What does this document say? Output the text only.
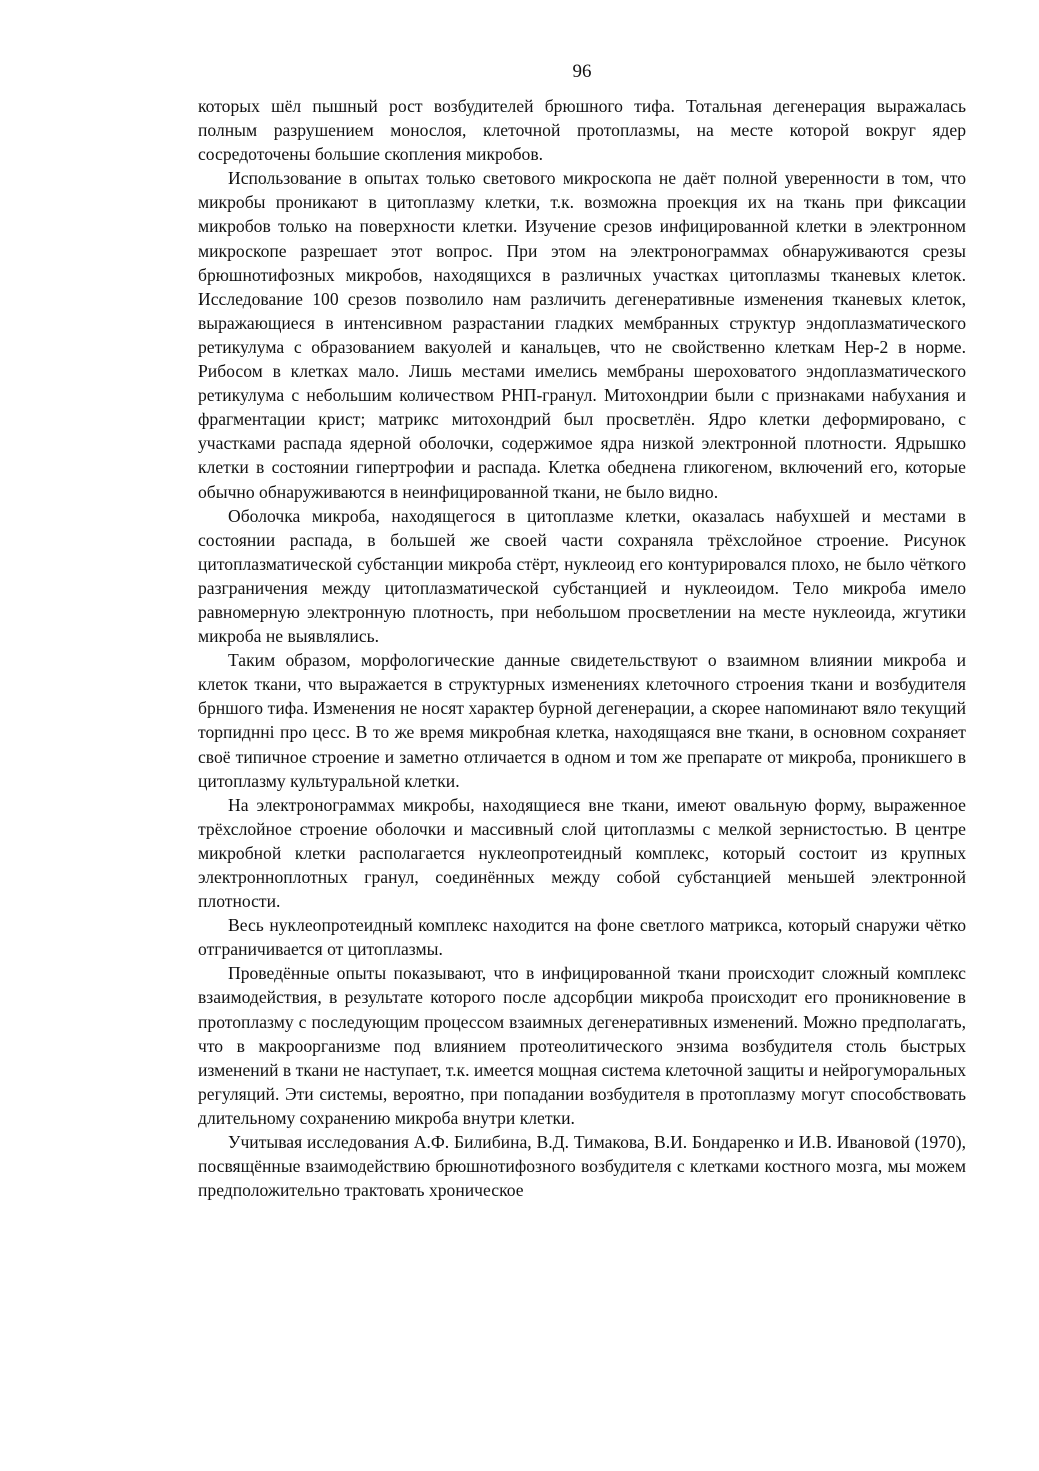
96

которых шёл пышный рост возбудителей брюшного тифа. Тотальная дегенерация выражалась полным разрушением монослоя, клеточной протоплазмы, на месте которой вокруг ядер сосредоточены большие скопления микробов.

Использование в опытах только светового микроскопа не даёт полной уверенности в том, что микробы проникают в цитоплазму клетки, т.к. возможна проекция их на ткань при фиксации микробов только на поверхности клетки. Изучение срезов инфицированной клетки в электронном микроскопе разрешает этот вопрос. При этом на электронограммах обнаруживаются срезы брюшнотифозных микробов, находящихся в различных участках цитоплазмы тканевых клеток. Исследование 100 срезов позволило нам различить дегенеративные изменения тканевых клеток, выражающиеся в интенсивном разрастании гладких мембранных структур эндоплазматического ретикулума с образованием вакуолей и канальцев, что не свойственно клеткам Hep-2 в норме. Рибосом в клетках мало. Лишь местами имелись мембраны шероховатого эндоплазматического ретикулума с небольшим количеством РНП-гранул. Митохондрии были с признаками набухания и фрагментации крист; матрикс митохондрий был просветлён. Ядро клетки деформировано, с участками распада ядерной оболочки, содержимое ядра низкой электронной плотности. Ядрышко клетки в состоянии гипертрофии и распада. Клетка обеднена гликогеном, включений его, которые обычно обнаруживаются в неинфицированной ткани, не было видно.

Оболочка микроба, находящегося в цитоплазме клетки, оказалась набухшей и местами в состоянии распада, в большей же своей части сохраняла трёхслойное строение. Рисунок цитоплазматической субстанции микроба стёрт, нуклеоид его контурировался плохо, не было чёткого разграничения между цитоплазматической субстанцией и нуклеоидом. Тело микроба имело равномерную электронную плотность, при небольшом просветлении на месте нуклеоида, жгутики микроба не выявлялись.

Таким образом, морфологические данные свидетельствуют о взаимном влиянии микроба и клеток ткани, что выражается в структурных изменениях клеточного строения ткани и возбудителя брншого тифа. Изменения не носят характер бурной дегенерации, а скорее напоминают вяло текущий торпиднні про цесс. В то же время микробная клетка, находящаяся вне ткани, в основном сохраняет своё типичное строение и заметно отличается в одном и том же препарате от микроба, проникшего в цитоплазму культуральной клетки.

На электронограммах микробы, находящиеся вне ткани, имеют овальную форму, выраженное трёхслойное строение оболочки и массивный слой цитоплазмы с мелкой зернистостью. В центре микробной клетки располагается нуклеопротеидный комплекс, который состоит из крупных электронноплотных гранул, соединённых между собой субстанцией меньшей электронной плотности.

Весь нуклеопротеидный комплекс находится на фоне светлого матрикса, который снаружи чётко отграничивается от цитоплазмы.

Проведённые опыты показывают, что в инфицированной ткани происходит сложный комплекс взаимодействия, в результате которого после адсорбции микроба происходит его проникновение в протоплазму с последующим процессом взаимных дегенеративных изменений. Можно предполагать, что в макроорганизме под влиянием протеолитического энзима возбудителя столь быстрых изменений в ткани не наступает, т.к. имеется мощная система клеточной защиты и нейрогуморальных регуляций. Эти системы, вероятно, при попадании возбудителя в протоплазму могут способствовать длительному сохранению микроба внутри клетки.

Учитывая исследования А.Ф. Билибина, В.Д. Тимакова, В.И. Бондаренко и И.В. Ивановой (1970), посвящённые взаимодействию брюшнотифозного возбудителя с клетками костного мозга, мы можем предположительно трактовать хроническое
